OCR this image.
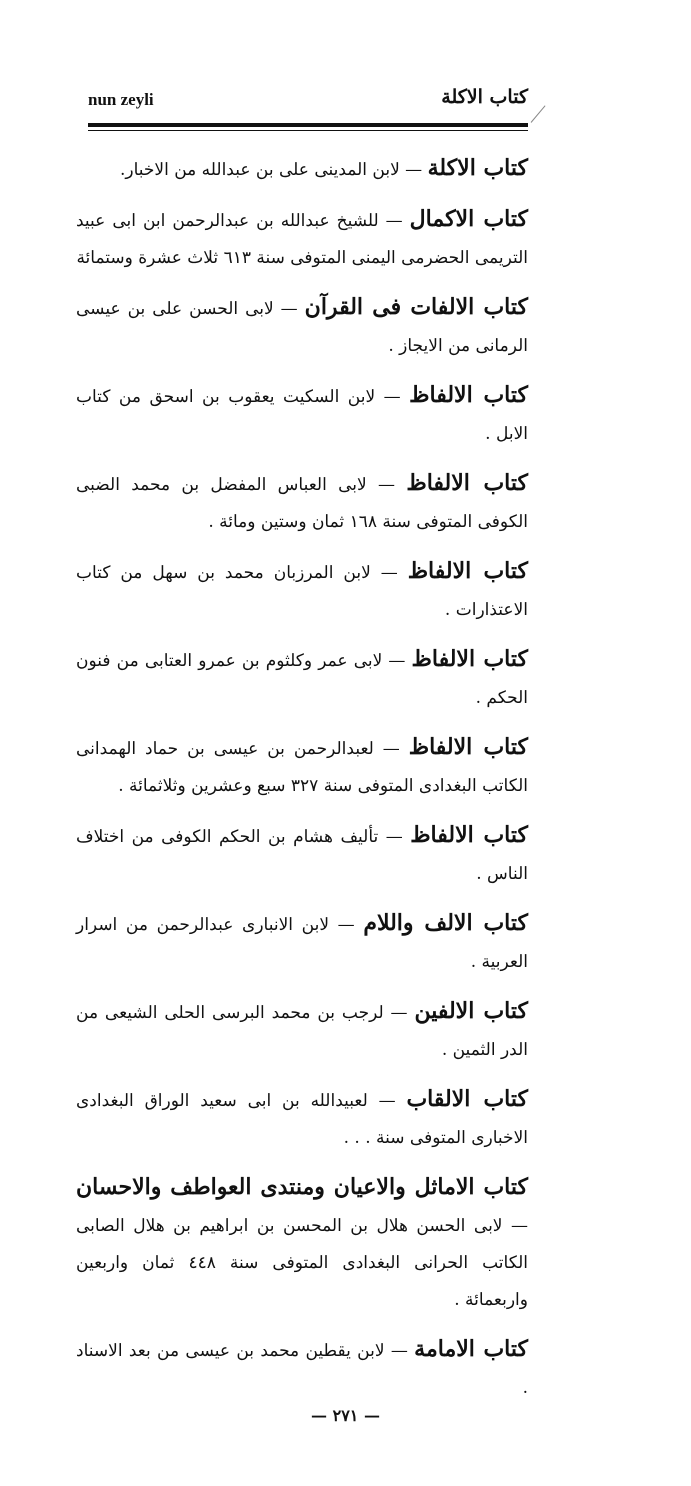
nun zeyli	كتاب الاكلة

كتاب الاكلة — لابن المدينى على بن عبدالله من الاخبار.

كتاب الاكمال — للشيخ عبدالله بن عبدالرحمن ابن ابى عبيد التريمى الحضرمى اليمنى المتوفى سنة ٦١٣ ثلاث عشرة وستمائة

كتاب الالفات فى القرآن — لابى الحسن على بن عيسى الرمانى من الايجاز .

كتاب الالفاظ — لابن السكيت يعقوب بن اسحق من كتاب الابل .

كتاب الالفاظ — لابى العباس المفضل بن محمد الضبى الكوفى المتوفى سنة ١٦٨ ثمان وستين ومائة .

كتاب الالفاظ — لابن المرزبان محمد بن سهل من كتاب الاعتذارات .

كتاب الالفاظ — لابى عمر وكلثوم بن عمرو العتابى من فنون الحكم .

كتاب الالفاظ — لعبدالرحمن بن عيسى بن حماد الهمدانى الكاتب البغدادى المتوفى سنة ٣٢٧ سبع وعشرين وثلاثمائة .

كتاب الالفاظ — تأليف هشام بن الحكم الكوفى من اختلاف الناس .

كتاب الالف واللام — لابن الانبارى عبدالرحمن من اسرار العربية .

كتاب الالفين — لرجب بن محمد البرسى الحلى الشيعى من الدر الثمين .

كتاب الالقاب — لعبيدالله بن ابى سعيد الوراق البغدادى الاخبارى المتوفى سنة . . .

كتاب الاماثل والاعيان ومنتدى العواطف والاحسان — لابى الحسن هلال بن المحسن بن ابراهيم بن هلال الصابى الكاتب الحرانى البغدادى المتوفى سنة ٤٤٨ ثمان واربعين واربعمائة .

كتاب الامامة — لابن يقطين محمد بن عيسى من بعد الاسناد .

— ٢٧١ —
